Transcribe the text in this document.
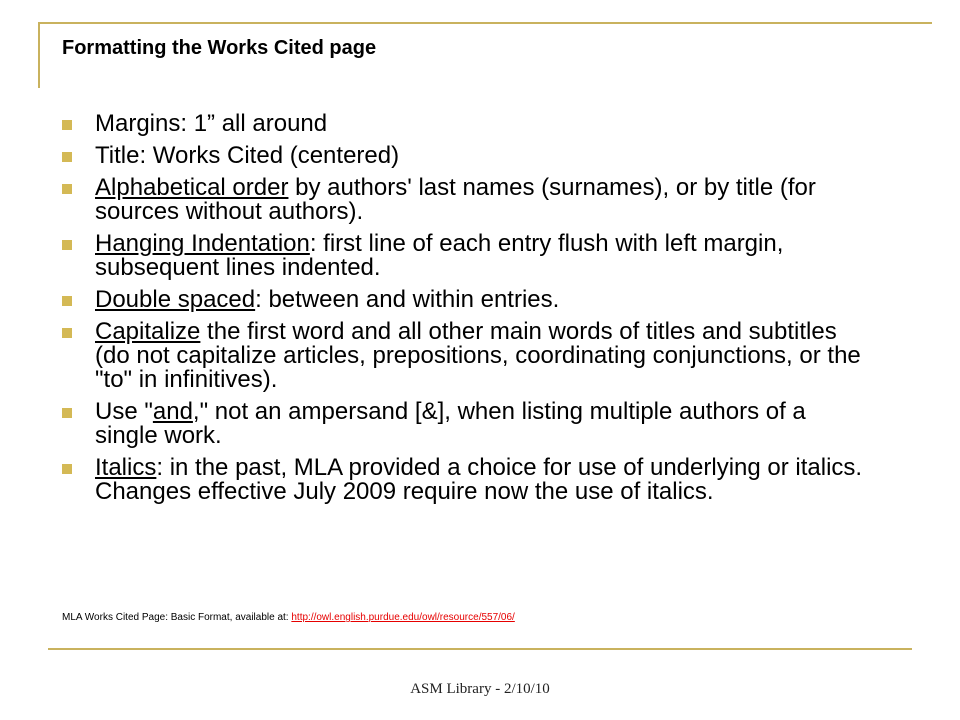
Formatting the Works Cited page
Margins: 1” all around
Title: Works Cited (centered)
Alphabetical order by authors' last names (surnames), or by title (for sources without authors).
Hanging Indentation: first line of each entry flush with left margin, subsequent lines indented.
Double spaced: between and within entries.
Capitalize the first word and all other main words of titles and subtitles (do not capitalize articles, prepositions, coordinating conjunctions, or the "to" in infinitives).
Use "and," not an ampersand [&], when listing multiple authors of a single work.
Italics: in the past, MLA provided a choice for use of underlying or italics. Changes effective July 2009 require now the use of italics.
MLA Works Cited Page: Basic Format, available at: http://owl.english.purdue.edu/owl/resource/557/06/
ASM Library - 2/10/10
